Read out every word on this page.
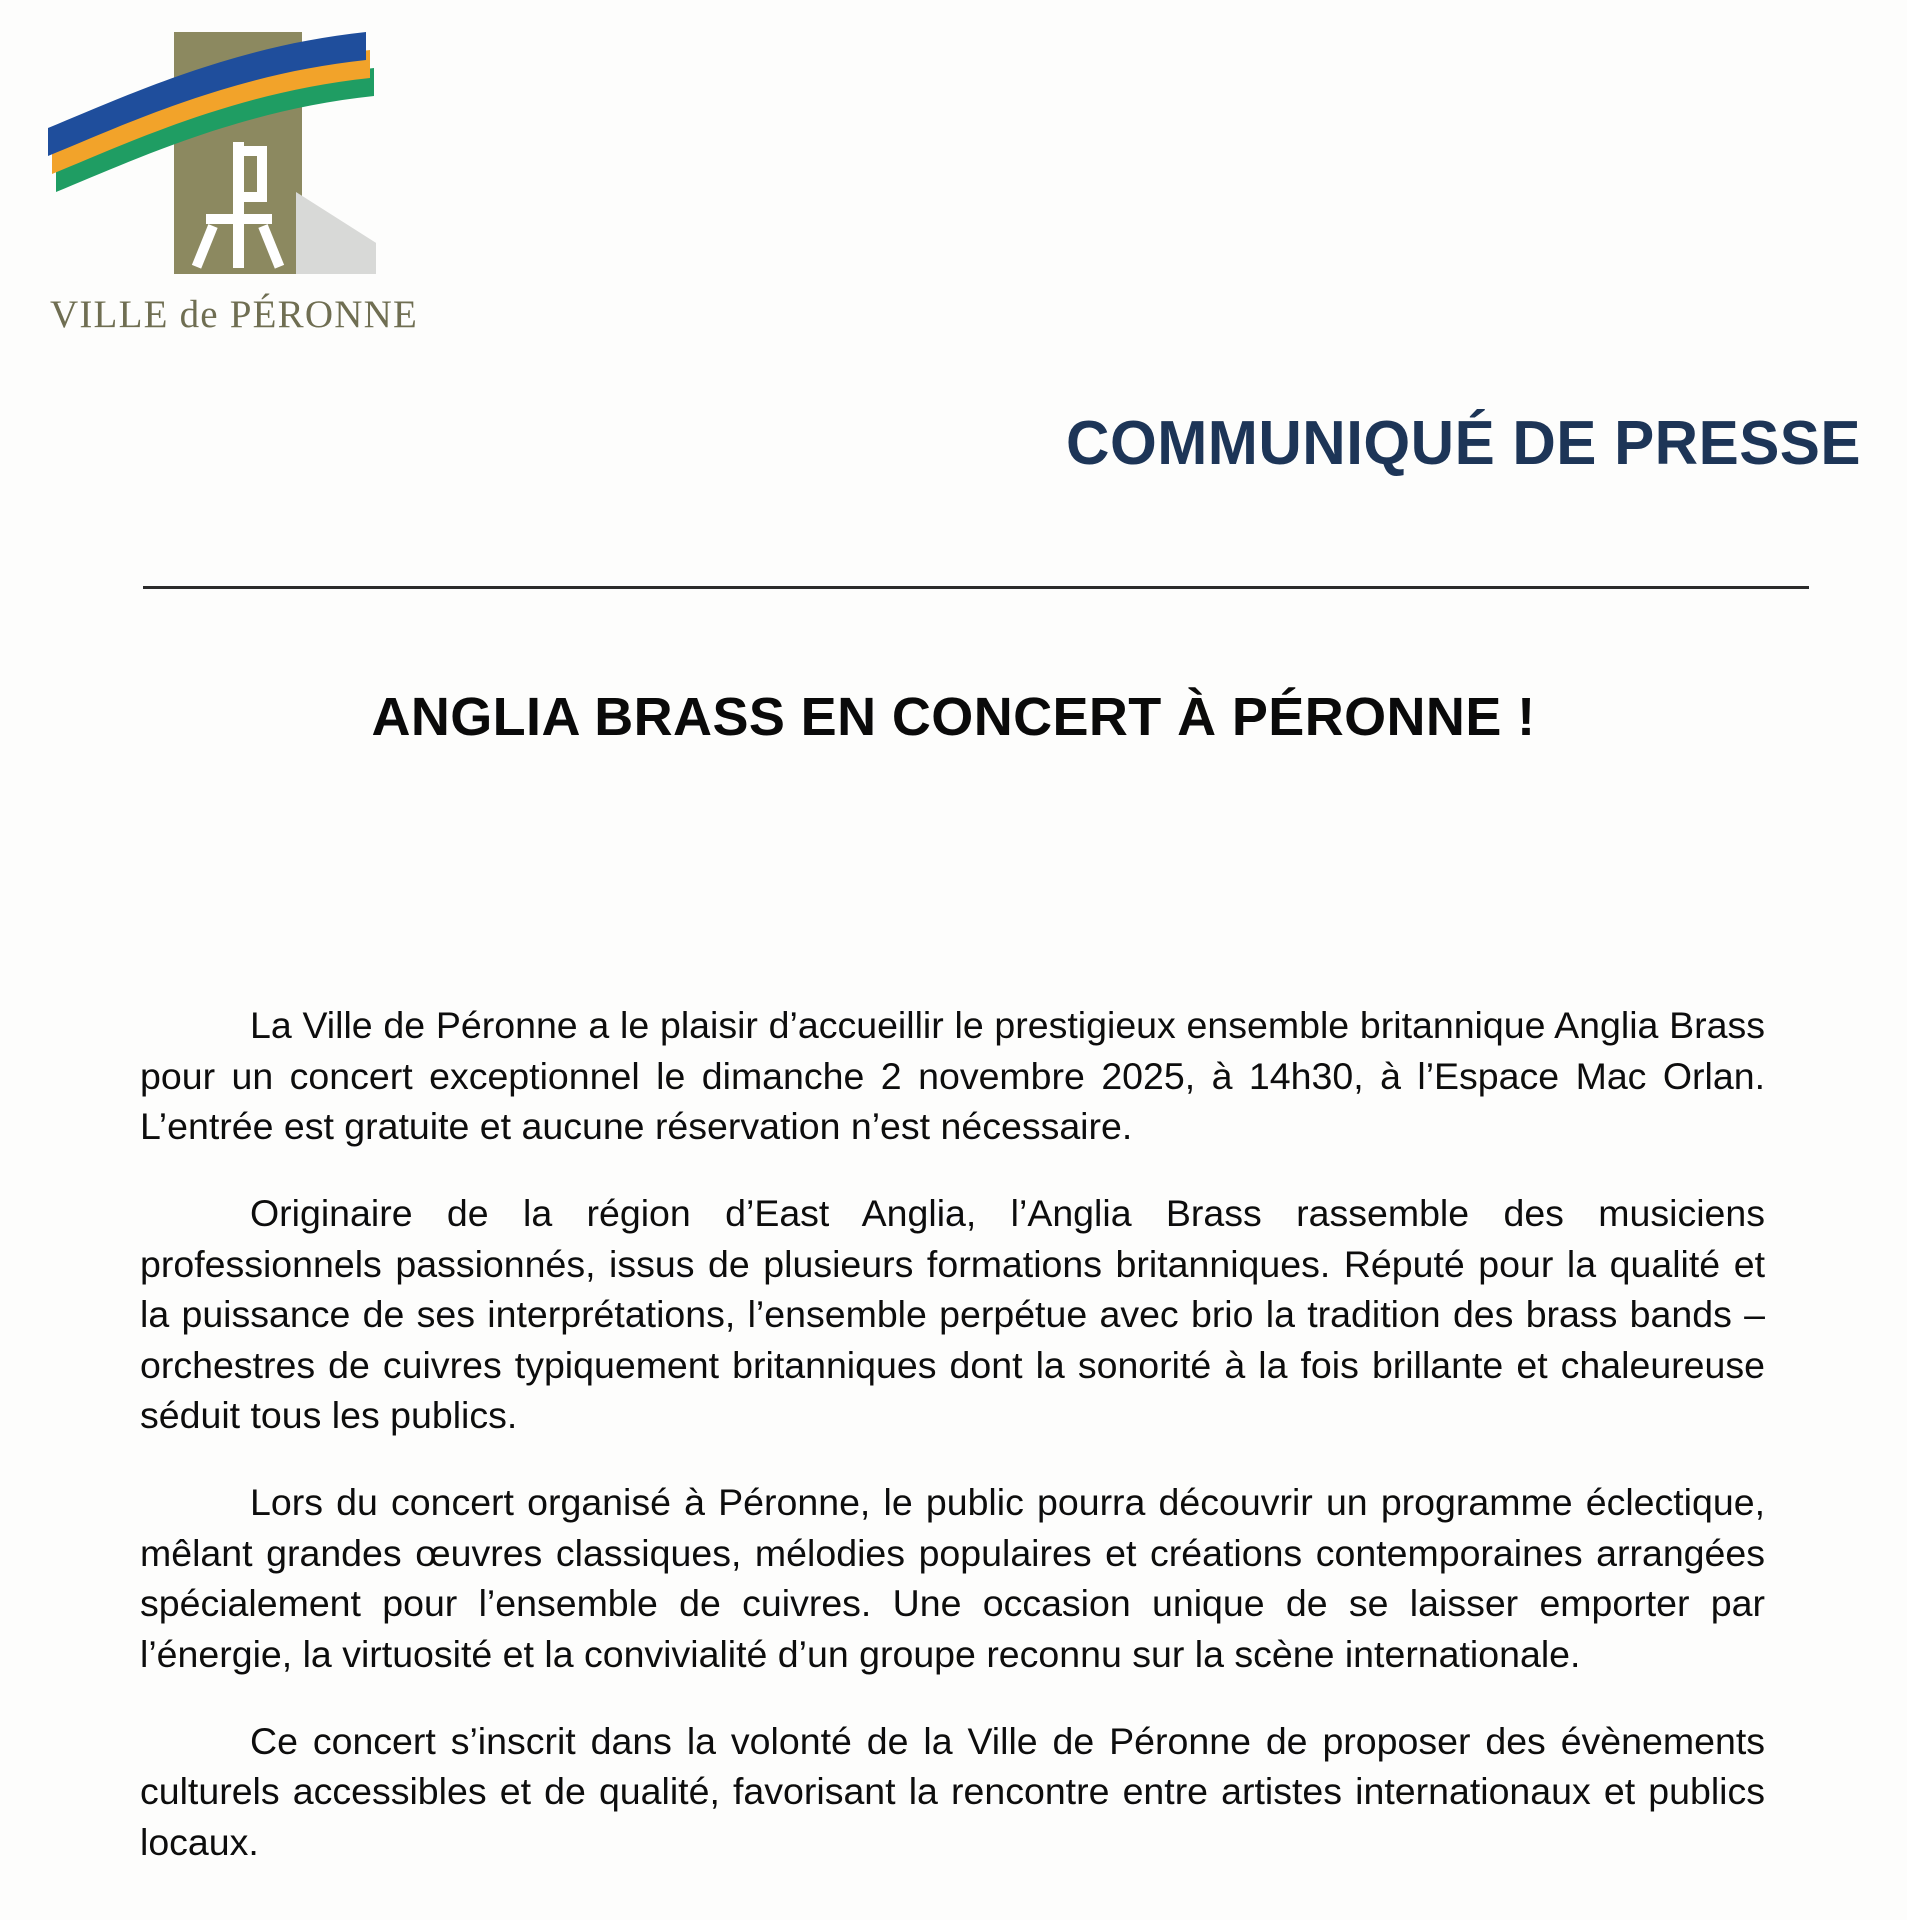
VILLE de PÉRONNE
COMMUNIQUÉ DE PRESSE
ANGLIA BRASS EN CONCERT À PÉRONNE !

La Ville de Péronne a le plaisir d’accueillir le prestigieux ensemble britannique Anglia Brass pour un concert exceptionnel le dimanche 2 novembre 2025, à 14h30, à l’Espace Mac Orlan. L’entrée est gratuite et aucune réservation n’est nécessaire.

Originaire de la région d’East Anglia, l’Anglia Brass rassemble des musiciens professionnels passionnés, issus de plusieurs formations britanniques. Réputé pour la qualité et la puissance de ses interprétations, l’ensemble perpétue avec brio la tradition des brass bands – orchestres de cuivres typiquement britanniques dont la sonorité à la fois brillante et chaleureuse séduit tous les publics.

Lors du concert organisé à Péronne, le public pourra découvrir un programme éclectique, mêlant grandes œuvres classiques, mélodies populaires et créations contemporaines arrangées spécialement pour l’ensemble de cuivres. Une occasion unique de se laisser emporter par l’énergie, la virtuosité et la convivialité d’un groupe reconnu sur la scène internationale.

Ce concert s’inscrit dans la volonté de la Ville de Péronne de proposer des évènements culturels accessibles et de qualité, favorisant la rencontre entre artistes internationaux et publics locaux.
